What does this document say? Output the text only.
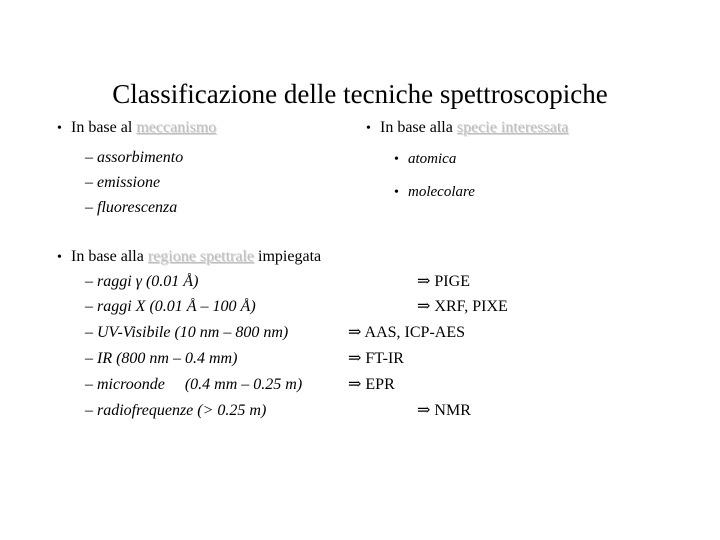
Classificazione delle tecniche spettroscopiche
• In base al meccanismo
– assorbimento
– emissione
– fluorescenza
• In base alla specie interessata
• atomica
• molecolare
• In base alla regione spettrale impiegata
– raggi γ (0.01 Å)	⇒ PIGE
– raggi X (0.01 Å – 100 Å)	⇒ XRF, PIXE
– UV-Visibile (10 nm – 800 nm)	⇒ AAS, ICP-AES
– IR (800 nm – 0.4 mm)	⇒ FT-IR
– microonde     (0.4 mm – 0.25 m)	⇒ EPR
– radiofrequenze (> 0.25 m)	⇒ NMR
